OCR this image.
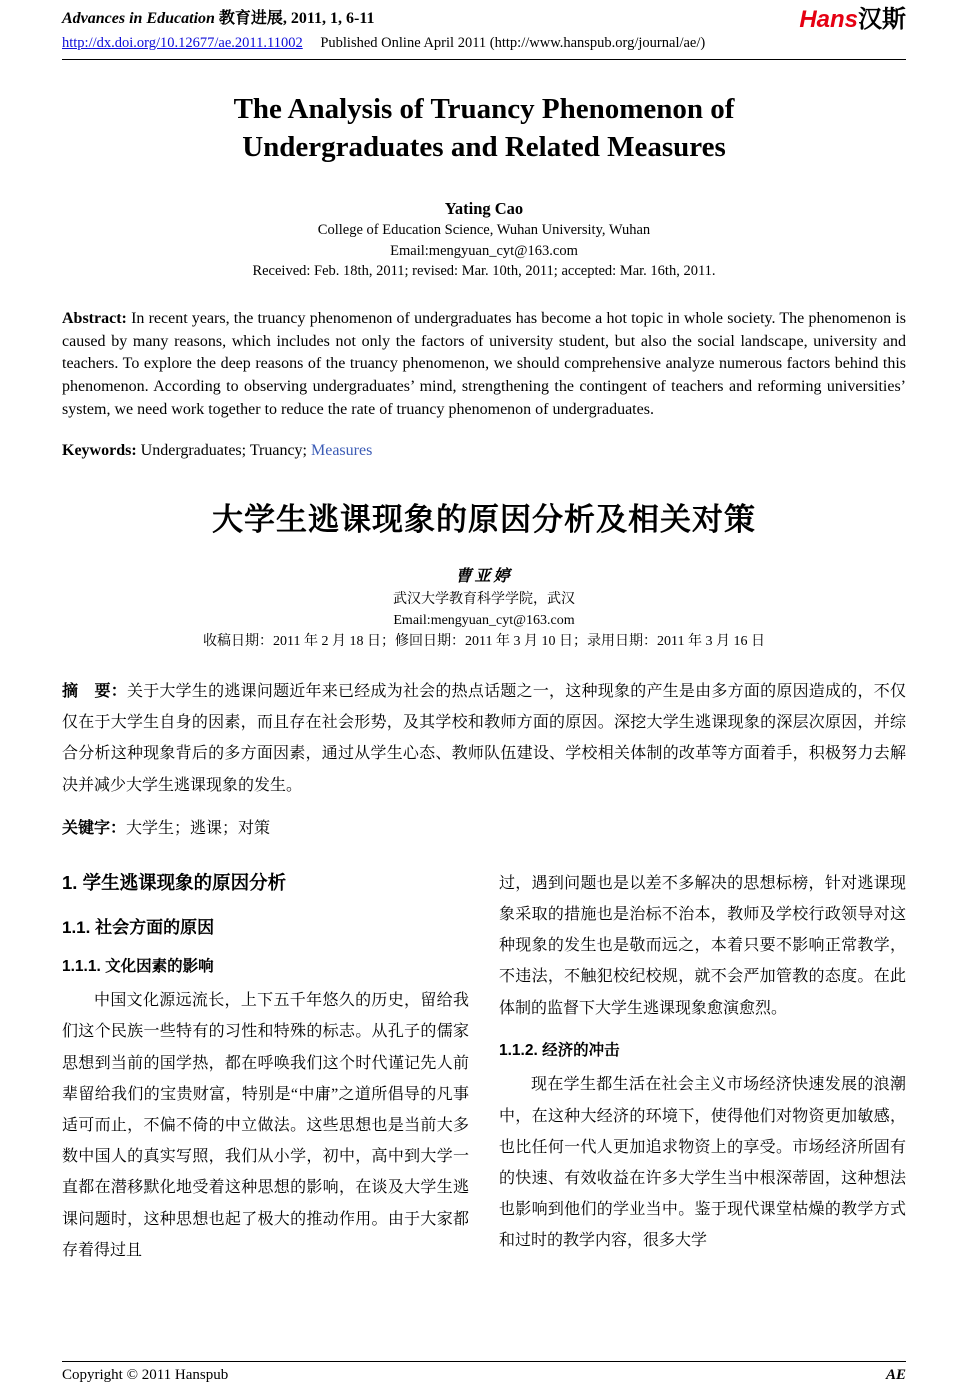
Advances in Education 教育进展, 2011, 1, 6-11	Hans汉斯
http://dx.doi.org/10.12677/ae.2011.11002 Published Online April 2011 (http://www.hanspub.org/journal/ae/)
The Analysis of Truancy Phenomenon of
Undergraduates and Related Measures
Yating Cao
College of Education Science, Wuhan University, Wuhan
Email:mengyuan_cyt@163.com
Received: Feb. 18th, 2011; revised: Mar. 10th, 2011; accepted: Mar. 16th, 2011.

Abstract: In recent years, the truancy phenomenon of undergraduates has become a hot topic in whole society. The phenomenon is caused by many reasons, which includes not only the factors of university student, but also the social landscape, university and teachers. To explore the deep reasons of the truancy phenomenon, we should comprehensive analyze numerous factors behind this phenomenon. According to observing undergraduates’ mind, strengthening the contingent of teachers and reforming universities’ system, we need work together to reduce the rate of truancy phenomenon of undergraduates.

Keywords: Undergraduates; Truancy; Measures

大学生逃课现象的原因分析及相关对策
曹亚婷
武汉大学教育科学学院，武汉
Email:mengyuan_cyt@163.com
收稿日期：2011 年 2 月 18 日；修回日期：2011 年 3 月 10 日；录用日期：2011 年 3 月 16 日

摘　要：关于大学生的逃课问题近年来已经成为社会的热点话题之一，这种现象的产生是由多方面的原因造成的，不仅仅在于大学生自身的因素，而且存在社会形势，及其学校和教师方面的原因。深挖大学生逃课现象的深层次原因，并综合分析这种现象背后的多方面因素，通过从学生心态、教师队伍建设、学校相关体制的改革等方面着手，积极努力去解决并减少大学生逃课现象的发生。

关键字：大学生；逃课；对策

1. 学生逃课现象的原因分析
1.1. 社会方面的原因
1.1.1. 文化因素的影响

中国文化源远流长，上下五千年悠久的历史，留给我们这个民族一些特有的习性和特殊的标志。从孔子的儒家思想到当前的国学热，都在呼唤我们这个时代谨记先人前辈留给我们的宝贵财富，特别是“中庸”之道所倡导的凡事适可而止，不偏不倚的中立做法。这些思想也是当前大多数中国人的真实写照，我们从小学，初中，高中到大学一直都在潜移默化地受着这种思想的影响，在谈及大学生逃课问题时，这种思想也起了极大的推动作用。由于大家都存着得过且

过，遇到问题也是以差不多解决的思想标榜，针对逃课现象采取的措施也是治标不治本，教师及学校行政领导对这种现象的发生也是敬而远之，本着只要不影响正常教学，不违法，不触犯校纪校规，就不会严加管教的态度。在此体制的监督下大学生逃课现象愈演愈烈。

1.1.2. 经济的冲击

现在学生都生活在社会主义市场经济快速发展的浪潮中，在这种大经济的环境下，使得他们对物资更加敏感，也比任何一代人更加追求物资上的享受。市场经济所固有的快速、有效收益在许多大学生当中根深蒂固，这种想法也影响到他们的学业当中。鉴于现代课堂枯燥的教学方式和过时的教学内容，很多大学

Copyright © 2011 Hanspub	AE
